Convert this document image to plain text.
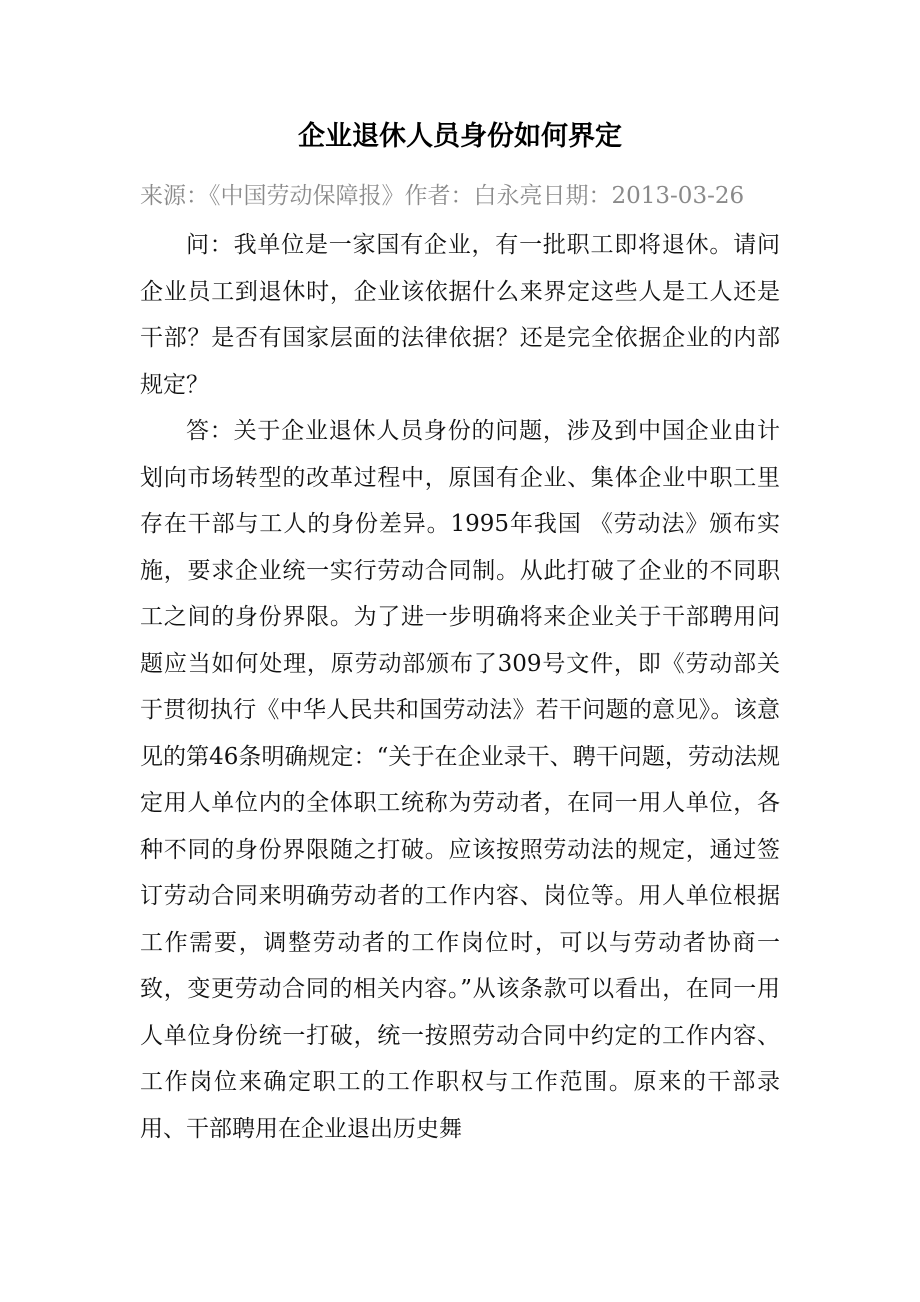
企业退休人员身份如何界定
来源：《中国劳动保障报》作者：白永亮日期：2013-03-26

问：我单位是一家国有企业，有一批职工即将退休。请问企业员工到退休时，企业该依据什么来界定这些人是工人还是干部？是否有国家层面的法律依据？还是完全依据企业的内部规定？

答：关于企业退休人员身份的问题，涉及到中国企业由计划向市场转型的改革过程中，原国有企业、集体企业中职工里存在干部与工人的身份差异。1995年我国 《劳动法》颁布实施，要求企业统一实行劳动合同制。从此打破了企业的不同职工之间的身份界限。为了进一步明确将来企业关于干部聘用问题应当如何处理，原劳动部颁布了309号文件，即《劳动部关于贯彻执行《中华人民共和国劳动法》若干问题的意见》。该意见的第46条明确规定：“关于在企业录干、聘干问题，劳动法规定用人单位内的全体职工统称为劳动者，在同一用人单位，各种不同的身份界限随之打破。应该按照劳动法的规定，通过签订劳动合同来明确劳动者的工作内容、岗位等。用人单位根据工作需要，调整劳动者的工作岗位时，可以与劳动者协商一致，变更劳动合同的相关内容。”从该条款可以看出，在同一用人单位身份统一打破，统一按照劳动合同中约定的工作内容、工作岗位来确定职工的工作职权与工作范围。原来的干部录用、干部聘用在企业退出历史舞
